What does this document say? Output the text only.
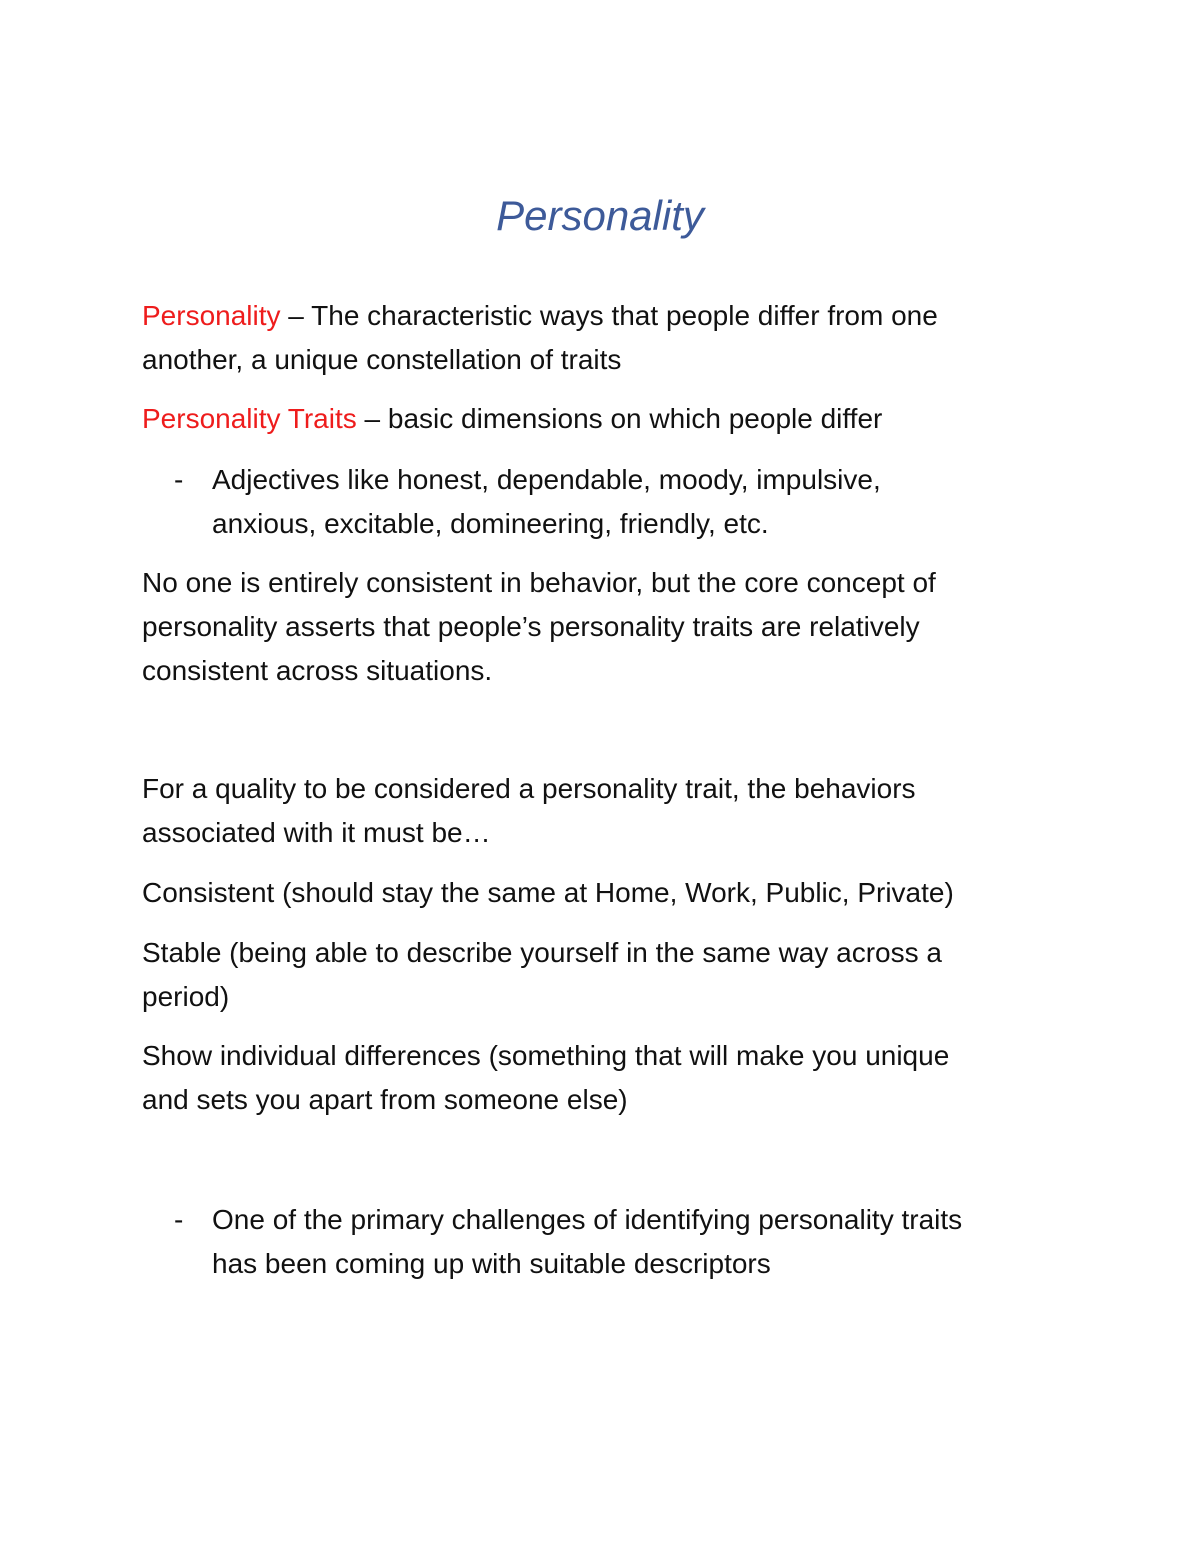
Personality

Personality – The characteristic ways that people differ from one
another, a unique constellation of traits

Personality Traits – basic dimensions on which people differ

- Adjectives like honest, dependable, moody, impulsive,
anxious, excitable, domineering, friendly, etc.

No one is entirely consistent in behavior, but the core concept of
personality asserts that people’s personality traits are relatively
consistent across situations.

For a quality to be considered a personality trait, the behaviors
associated with it must be…

Consistent (should stay the same at Home, Work, Public, Private)

Stable (being able to describe yourself in the same way across a
period)

Show individual differences (something that will make you unique
and sets you apart from someone else)

- One of the primary challenges of identifying personality traits
has been coming up with suitable descriptors
